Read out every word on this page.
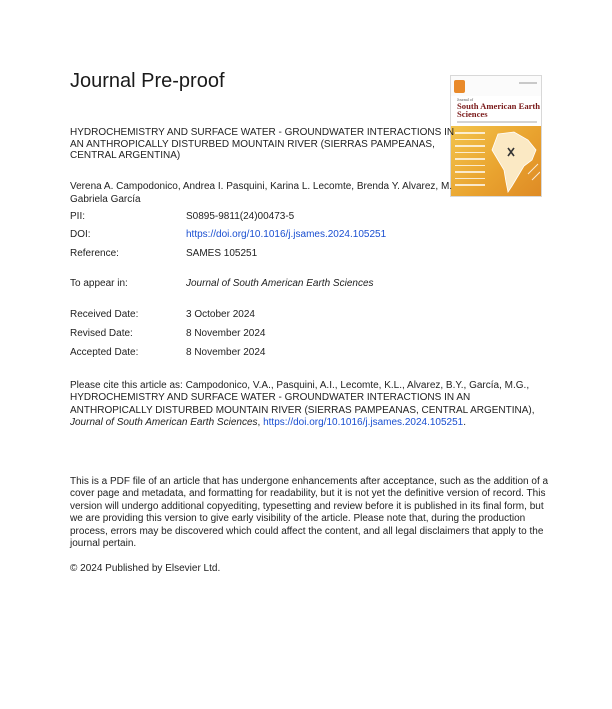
Journal Pre-proof
Journal of
South American Earth Sciences
HYDROCHEMISTRY AND SURFACE WATER - GROUNDWATER INTERACTIONS IN AN ANTHROPICALLY DISTURBED MOUNTAIN RIVER (SIERRAS PAMPEANAS, CENTRAL ARGENTINA)
Verena A. Campodonico, Andrea I. Pasquini, Karina L. Lecomte, Brenda Y. Alvarez, M. Gabriela García
PII:	S0895-9811(24)00473-5
DOI:	https://doi.org/10.1016/j.jsames.2024.105251
Reference:	SAMES 105251
To appear in:	Journal of South American Earth Sciences
Received Date:	3 October 2024
Revised Date:	8 November 2024
Accepted Date:	8 November 2024
Please cite this article as: Campodonico, V.A., Pasquini, A.I., Lecomte, K.L., Alvarez, B.Y., García, M.G., HYDROCHEMISTRY AND SURFACE WATER - GROUNDWATER INTERACTIONS IN AN ANTHROPICALLY DISTURBED MOUNTAIN RIVER (SIERRAS PAMPEANAS, CENTRAL ARGENTINA), Journal of South American Earth Sciences, https://doi.org/10.1016/j.jsames.2024.105251.
This is a PDF file of an article that has undergone enhancements after acceptance, such as the addition of a cover page and metadata, and formatting for readability, but it is not yet the definitive version of record. This version will undergo additional copyediting, typesetting and review before it is published in its final form, but we are providing this version to give early visibility of the article. Please note that, during the production process, errors may be discovered which could affect the content, and all legal disclaimers that apply to the journal pertain.
© 2024 Published by Elsevier Ltd.
